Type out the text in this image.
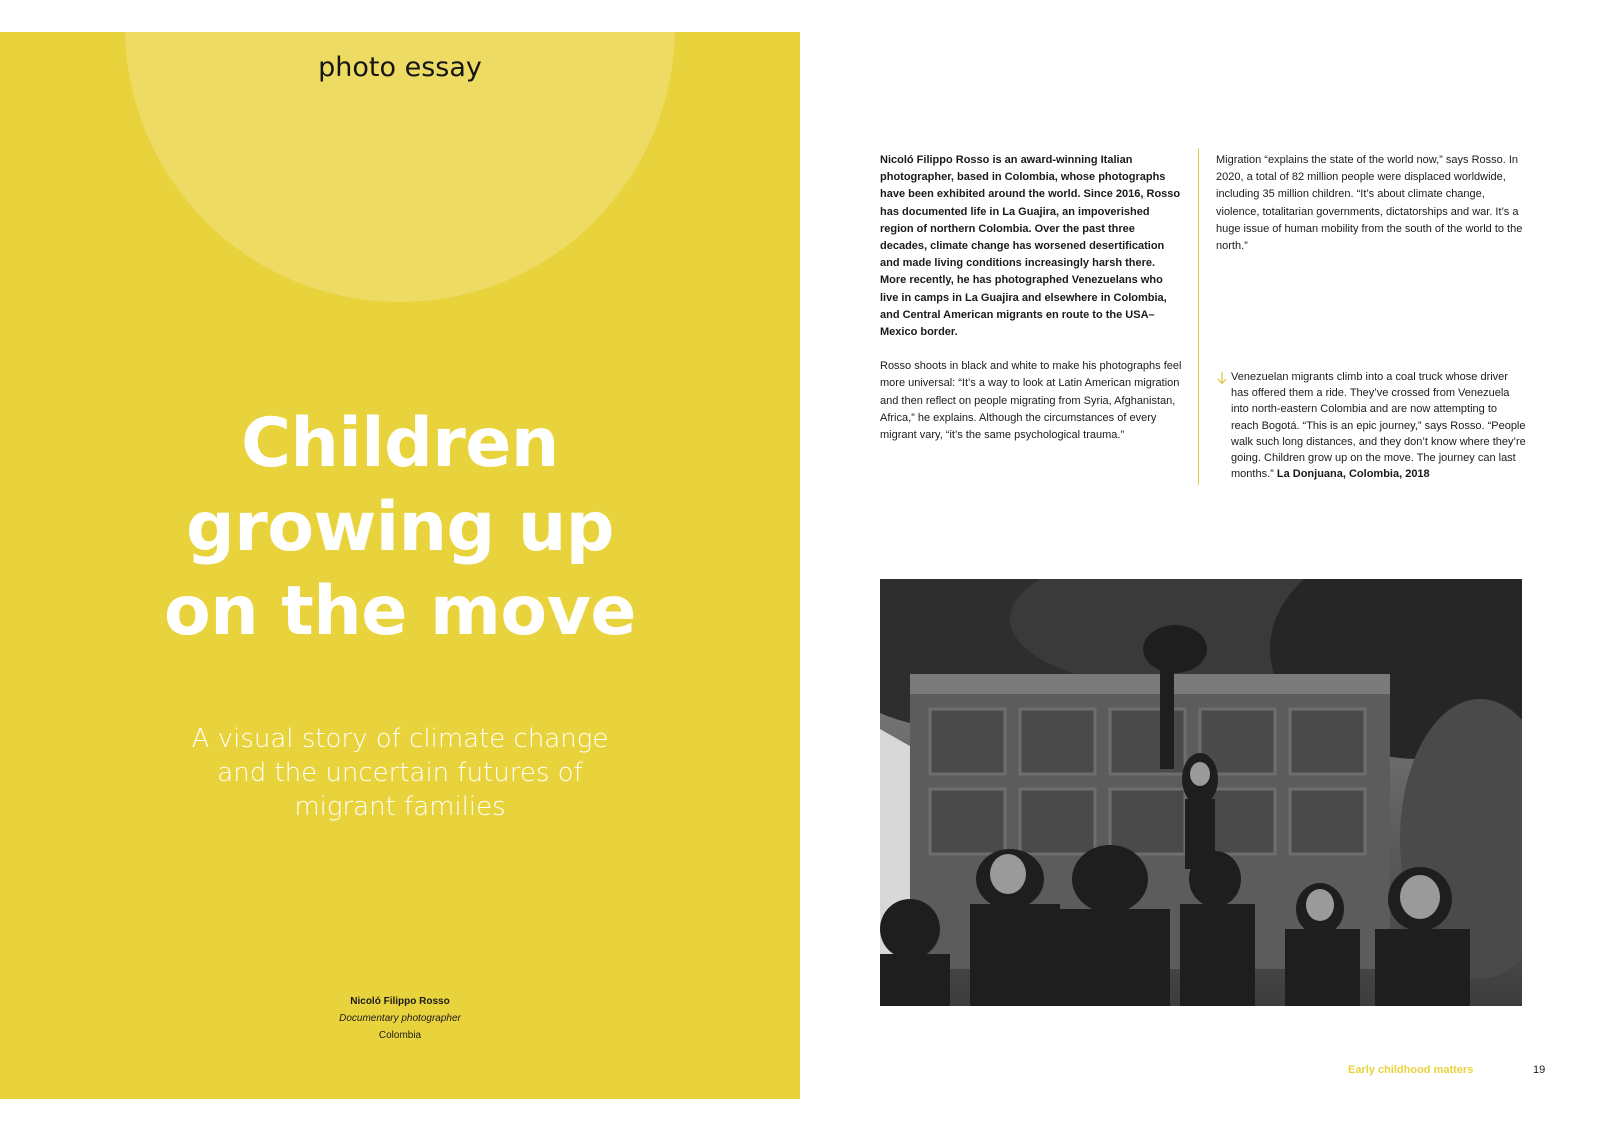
photo essay
Children
growing up
on the move
A visual story of climate change
and the uncertain futures of
migrant families
Nicoló Filippo Rosso
Documentary photographer
Colombia

Nicoló Filippo Rosso is an award-winning Italian photographer, based in Colombia, whose photographs have been exhibited around the world. Since 2016, Rosso has documented life in La Guajira, an impoverished region of northern Colombia. Over the past three decades, climate change has worsened desertification and made living conditions increasingly harsh there. More recently, he has photographed Venezuelans who live in camps in La Guajira and elsewhere in Colombia, and Central American migrants en route to the USA–Mexico border.

Rosso shoots in black and white to make his photographs feel more universal: “It’s a way to look at Latin American migration and then reflect on people migrating from Syria, Afghanistan, Africa,” he explains. Although the circumstances of every migrant vary, “it’s the same psychological trauma.”

Migration “explains the state of the world now,” says Rosso. In 2020, a total of 82 million people were displaced worldwide, including 35 million children. “It’s about climate change, violence, totalitarian governments, dictatorships and war. It’s a huge issue of human mobility from the south of the world to the north.”

Venezuelan migrants climb into a coal truck whose driver has offered them a ride. They’ve crossed from Venezuela into north-eastern Colombia and are now attempting to reach Bogotá. “This is an epic journey,” says Rosso. “People walk such long distances, and they don’t know where they’re going. Children grow up on the move. The journey can last months.” La Donjuana, Colombia, 2018

Early childhood matters	19
